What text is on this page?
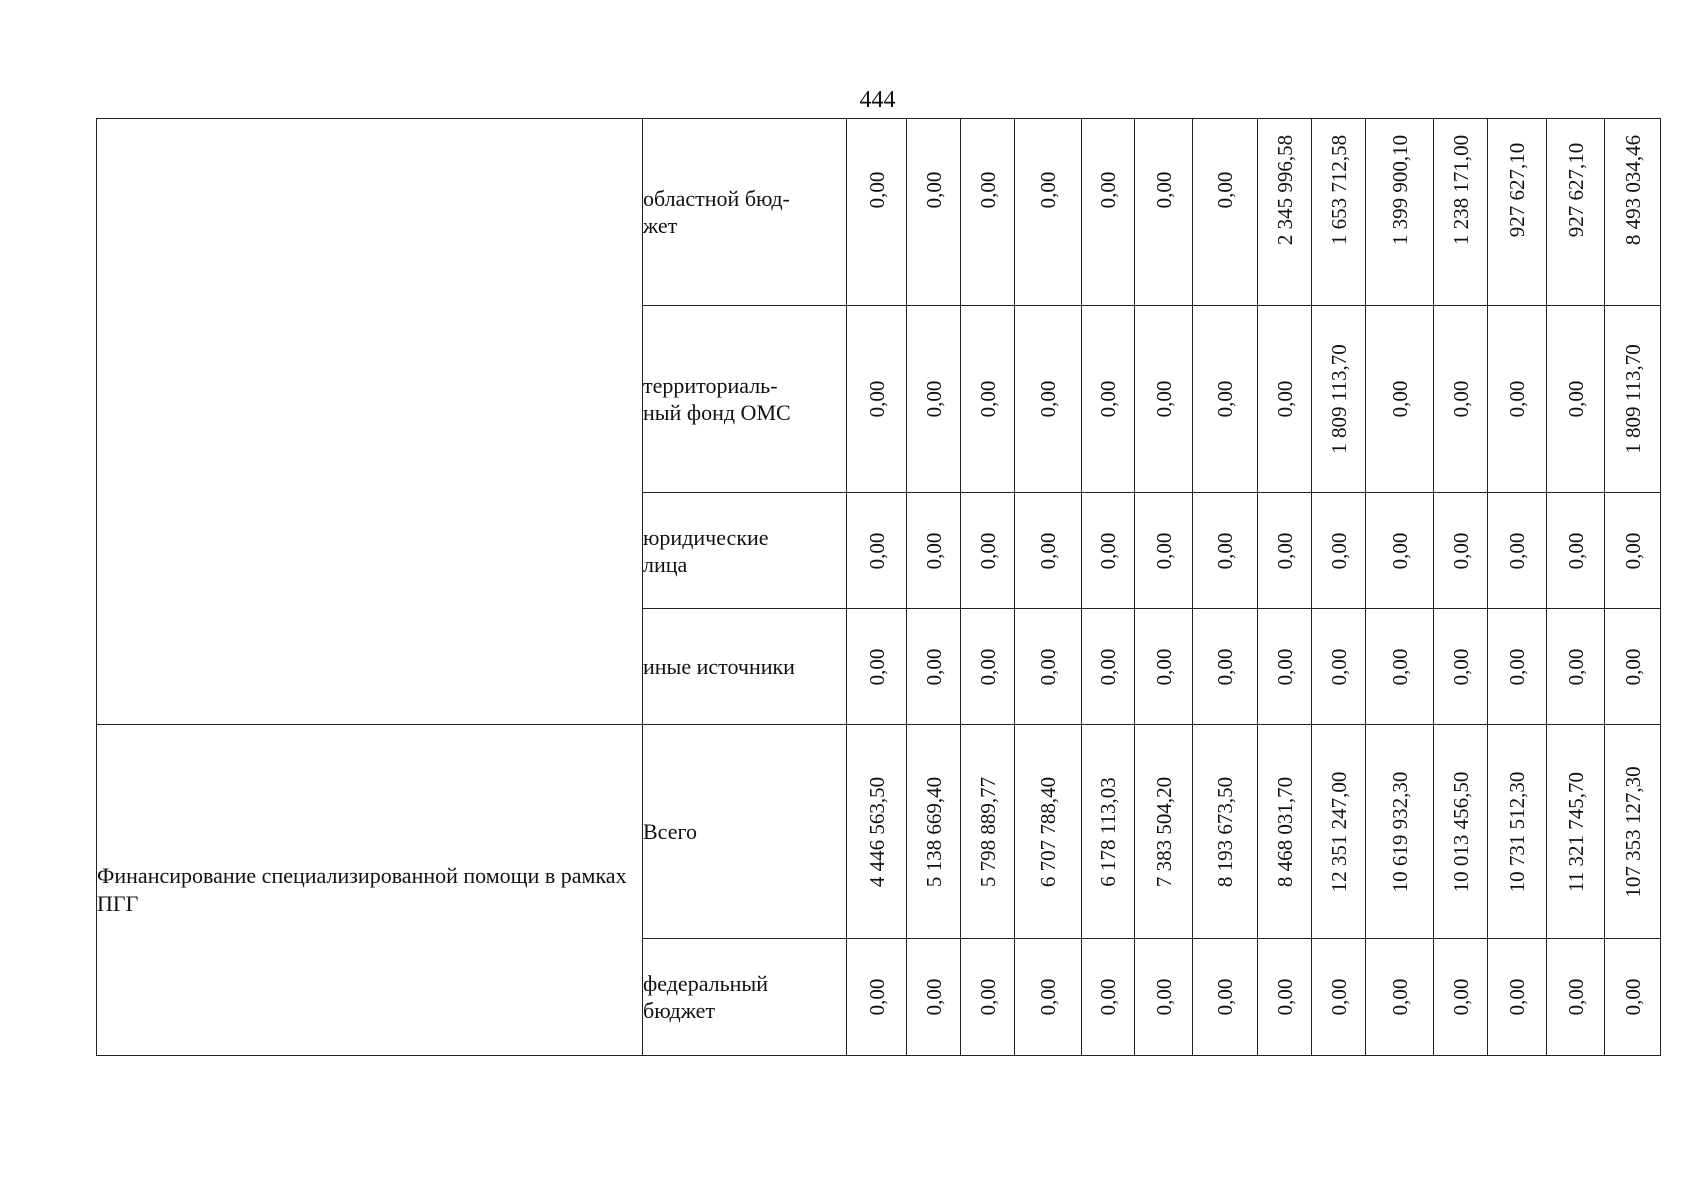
444
	областной бюд-
жет	0,00	0,00	0,00	0,00	0,00	0,00	0,00	2 345 996,58	1 653 712,58	1 399 900,10	1 238 171,00	927 627,10	927 627,10	8 493 034,46

	территориаль-
ный фонд ОМС	0,00	0,00	0,00	0,00	0,00	0,00	0,00	0,00	1 809 113,70	0,00	0,00	0,00	0,00	1 809 113,70

	юридические
лица	0,00	0,00	0,00	0,00	0,00	0,00	0,00	0,00	0,00	0,00	0,00	0,00	0,00	0,00

	иные источники	0,00	0,00	0,00	0,00	0,00	0,00	0,00	0,00	0,00	0,00	0,00	0,00	0,00	0,00

Финансирование специализированной помощи в рамках ПГГ	Всего	4 446 563,50	5 138 669,40	5 798 889,77	6 707 788,40	6 178 113,03	7 383 504,20	8 193 673,50	8 468 031,70	12 351 247,00	10 619 932,30	10 013 456,50	10 731 512,30	11 321 745,70	107 353 127,30

	федеральный
бюджет	0,00	0,00	0,00	0,00	0,00	0,00	0,00	0,00	0,00	0,00	0,00	0,00	0,00	0,00
